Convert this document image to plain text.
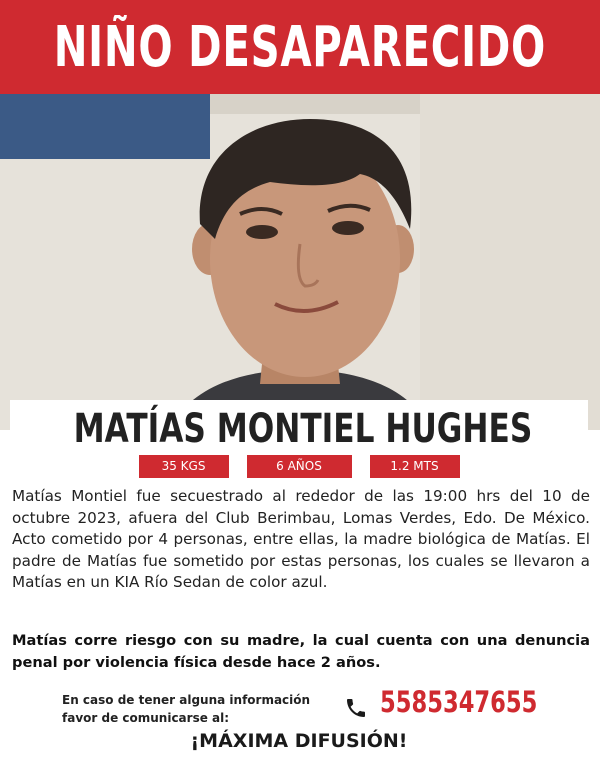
NIÑO DESAPARECIDO
MATÍAS MONTIEL HUGHES
35 KGS	6 AÑOS	1.2 MTS
Matías Montiel fue secuestrado al rededor de las 19:00 hrs del 10 de octubre 2023, afuera del Club Berimbau, Lomas Verdes, Edo. De México. Acto cometido por 4 personas, entre ellas, la madre biológica de Matías. El padre de Matías fue sometido por estas personas, los cuales se llevaron a Matías en un KIA Río Sedan de color azul.
Matías corre riesgo con su madre, la cual cuenta con una denuncia penal por violencia física desde hace 2 años.
En caso de tener alguna información
favor de comunicarse al:	5585347655
¡MÁXIMA DIFUSIÓN!
